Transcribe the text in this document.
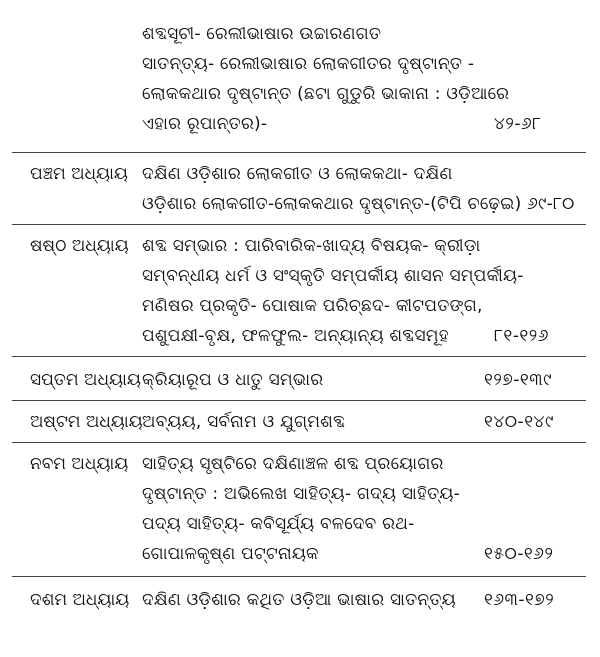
ଶବ୍ଦସୂଚୀ- ରେଲୀଭାଷାର ଉଚ୍ଚାରଣଗତ
ସାତନ୍ତ୍ୟ- ରେଲୀଭାଷାର ଲୋକଗୀତର ଦୃଷ୍ଟାନ୍ତ -
ଲୋକକଥାର ଦୃଷ୍ଟାନ୍ତ (ଛଟା ଗୁଡୁରି ଭାକାନା : ଓଡ଼ିଆରେ
ଏହାର ରୂପାନ୍ତର)-	୪୨-୬୮
ପଞ୍ଚମ ଅଧ୍ୟାୟ ଦକ୍ଷିଣ ଓଡ଼ିଶାର ଲୋକଗୀତ ଓ ଲୋକକଥା- ଦକ୍ଷିଣ
ଓଡ଼ିଶାର ଲୋକଗୀତ-ଲୋକକଥାର ଦୃଷ୍ଟାନ୍ତ-(ଟିପି ଚଢ଼େଇ) ୬୯-୮୦
ଷଷ୍ଠ ଅଧ୍ୟାୟ ଶବ୍ଦ ସମ୍ଭାର : ପାରିବାରିକ-ଖାଦ୍ୟ ବିଷୟକ- କ୍ରୀଡ଼ା
ସମ୍ବନ୍ଧୀୟ ଧର୍ମ ଓ ସଂସ୍କୃତି ସମ୍ପର୍କୀୟ ଶାସନ ସମ୍ପର୍କୀୟ-
ମଣିଷର ପ୍ରକୃତି- ପୋଷାକ ପରିଚ୍ଛଦ- କୀଟପତଙ୍ଗ,
ପଶୁପକ୍ଷୀ-ବୃକ୍ଷ, ଫଳଫୁଲ- ଅନ୍ୟାନ୍ୟ ଶବ୍ଦସମୂହ	୮୧-୧୨୬
ସପ୍ତମ ଅଧ୍ୟାୟ କ୍ରିୟାରୂପ ଓ ଧାତୁ ସମ୍ଭାର	୧୨୭-୧୩୯
ଅଷ୍ଟମ ଅଧ୍ୟାୟ ଅବ୍ୟୟ, ସର୍ବନାମ ଓ ଯୁଗ୍ମଶବ୍ଦ	୧୪୦-୧୪୯
ନବମ ଅଧ୍ୟାୟ ସାହିତ୍ୟ ସୃଷ୍ଟିରେ ଦକ୍ଷିଣାଞ୍ଚଳ ଶବ୍ଦ ପ୍ରୟୋଗର
ଦୃଷ୍ଟାନ୍ତ : ଅଭିଲେଖ ସାହିତ୍ୟ- ଗଦ୍ୟ ସାହିତ୍ୟ-
ପଦ୍ୟ ସାହିତ୍ୟ- କବିସୂର୍ଯ୍ୟ ବଳଦେବ ରଥ-
ଗୋପାଳକୃଷ୍ଣ ପଟ୍ଟନାୟକ	୧୫୦-୧୬୨
ଦଶମ ଅଧ୍ୟାୟ ଦକ୍ଷିଣ ଓଡ଼ିଶାର କଥିତ ଓଡ଼ିଆ ଭାଷାର ସାତନ୍ତ୍ୟ ୧୬୩-୧୭୨
